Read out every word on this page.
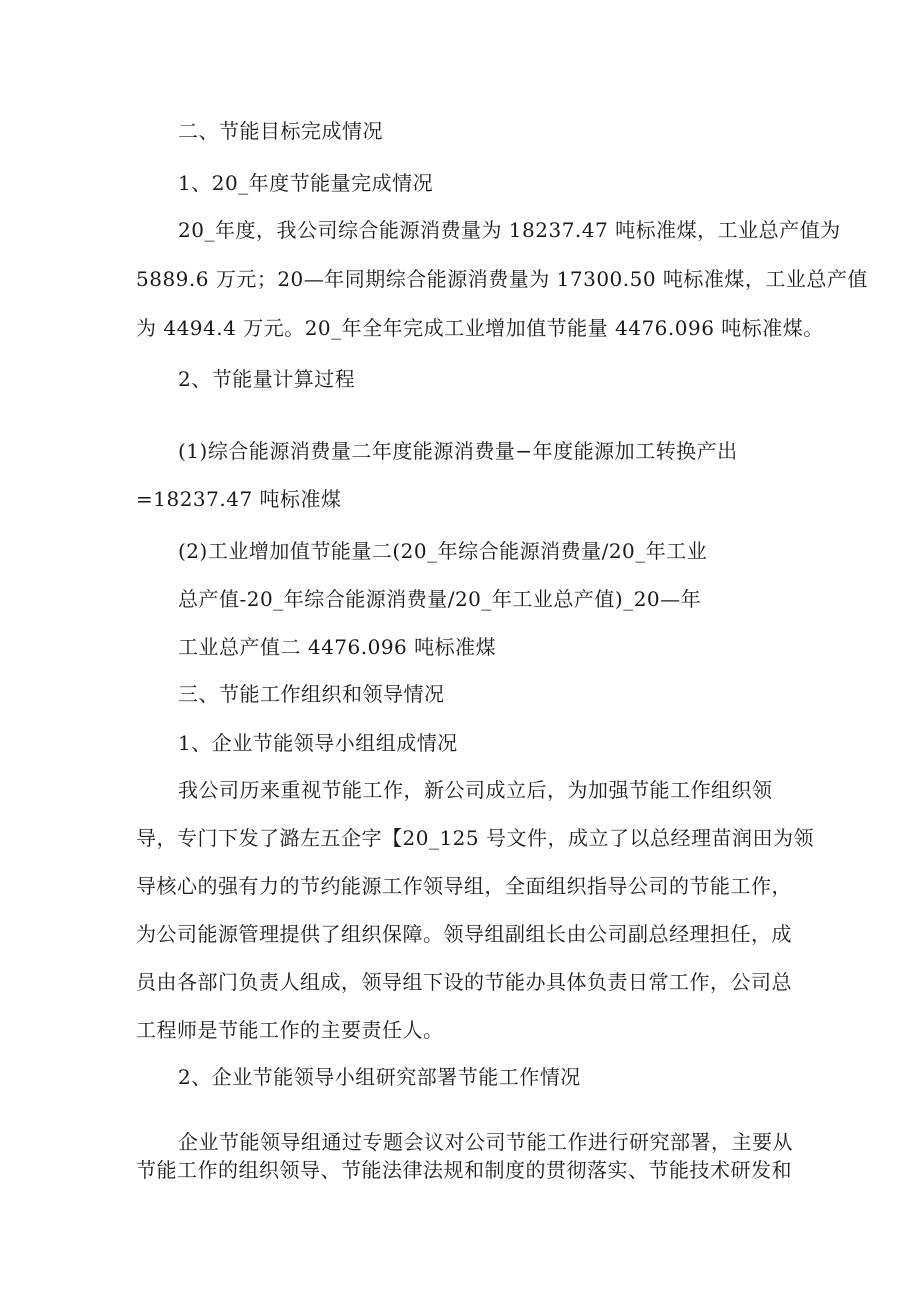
二、节能目标完成情况
1、20_年度节能量完成情况
20_年度，我公司综合能源消费量为 18237.47 吨标准煤，工业总产值为
5889.6 万元；20—年同期综合能源消费量为 17300.50 吨标准煤，工业总产值
为 4494.4 万元。20_年全年完成工业增加值节能量 4476.096 吨标准煤。
2、节能量计算过程
(1)综合能源消费量二年度能源消费量−年度能源加工转换产出
=18237.47 吨标准煤
(2)工业增加值节能量二(20_年综合能源消费量/20_年工业
总产值-20_年综合能源消费量/20_年工业总产值)_20—年
工业总产值二 4476.096 吨标准煤
三、节能工作组织和领导情况
1、企业节能领导小组组成情况
我公司历来重视节能工作，新公司成立后，为加强节能工作组织领
导，专门下发了潞左五企字【20_125 号文件，成立了以总经理苗润田为领
导核心的强有力的节约能源工作领导组，全面组织指导公司的节能工作，
为公司能源管理提供了组织保障。领导组副组长由公司副总经理担任，成
员由各部门负责人组成，领导组下设的节能办具体负责日常工作，公司总
工程师是节能工作的主要责任人。
2、企业节能领导小组研究部署节能工作情况
企业节能领导组通过专题会议对公司节能工作进行研究部署，主要从
节能工作的组织领导、节能法律法规和制度的贯彻落实、节能技术研发和
